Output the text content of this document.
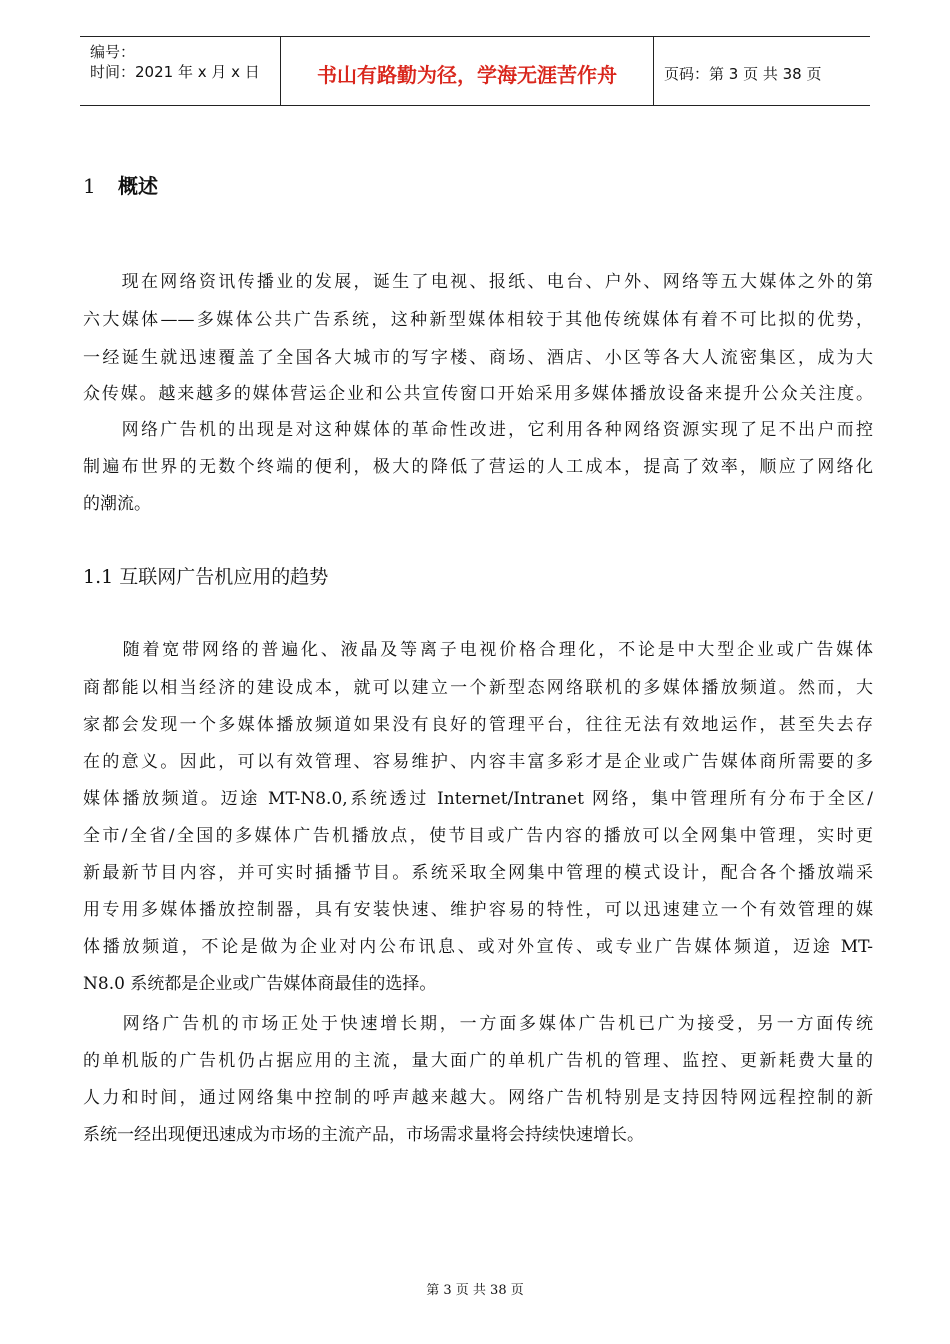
编号：
时间：2021 年 x 月 x 日	书山有路勤为径，学海无涯苦作舟	页码：第 3 页 共 38 页
1 概述
　　现在网络资讯传播业的发展，诞生了电视、报纸、电台、户外、网络等五大媒体之外的第
六大媒体——多媒体公共广告系统，这种新型媒体相较于其他传统媒体有着不可比拟的优势，
一经诞生就迅速覆盖了全国各大城市的写字楼、商场、酒店、小区等各大人流密集区，成为大
众传媒。越来越多的媒体营运企业和公共宣传窗口开始采用多媒体播放设备来提升公众关注度。
　　网络广告机的出现是对这种媒体的革命性改进，它利用各种网络资源实现了足不出户而控
制遍布世界的无数个终端的便利，极大的降低了营运的人工成本，提高了效率，顺应了网络化
的潮流。
1.1 互联网广告机应用的趋势
　　随着宽带网络的普遍化、液晶及等离子电视价格合理化，不论是中大型企业或广告媒体
商都能以相当经济的建设成本，就可以建立一个新型态网络联机的多媒体播放频道。然而，大
家都会发现一个多媒体播放频道如果没有良好的管理平台，往往无法有效地运作，甚至失去存
在的意义。因此，可以有效管理、容易维护、内容丰富多彩才是企业或广告媒体商所需要的多
媒体播放频道。迈途 MT-N8.0,系统透过 Internet/Intranet 网络，集中管理所有分布于全区/
全市/全省/全国的多媒体广告机播放点，使节目或广告内容的播放可以全网集中管理，实时更
新最新节目内容，并可实时插播节目。系统采取全网集中管理的模式设计，配合各个播放端采
用专用多媒体播放控制器，具有安装快速、维护容易的特性，可以迅速建立一个有效管理的媒
体播放频道，不论是做为企业对内公布讯息、或对外宣传、或专业广告媒体频道，迈途 MT-
N8.0 系统都是企业或广告媒体商最佳的选择。
　　网络广告机的市场正处于快速增长期，一方面多媒体广告机已广为接受，另一方面传统
的单机版的广告机仍占据应用的主流，量大面广的单机广告机的管理、监控、更新耗费大量的
人力和时间，通过网络集中控制的呼声越来越大。网络广告机特别是支持因特网远程控制的新
系统一经出现便迅速成为市场的主流产品，市场需求量将会持续快速增长。
第 3 页 共 38 页
